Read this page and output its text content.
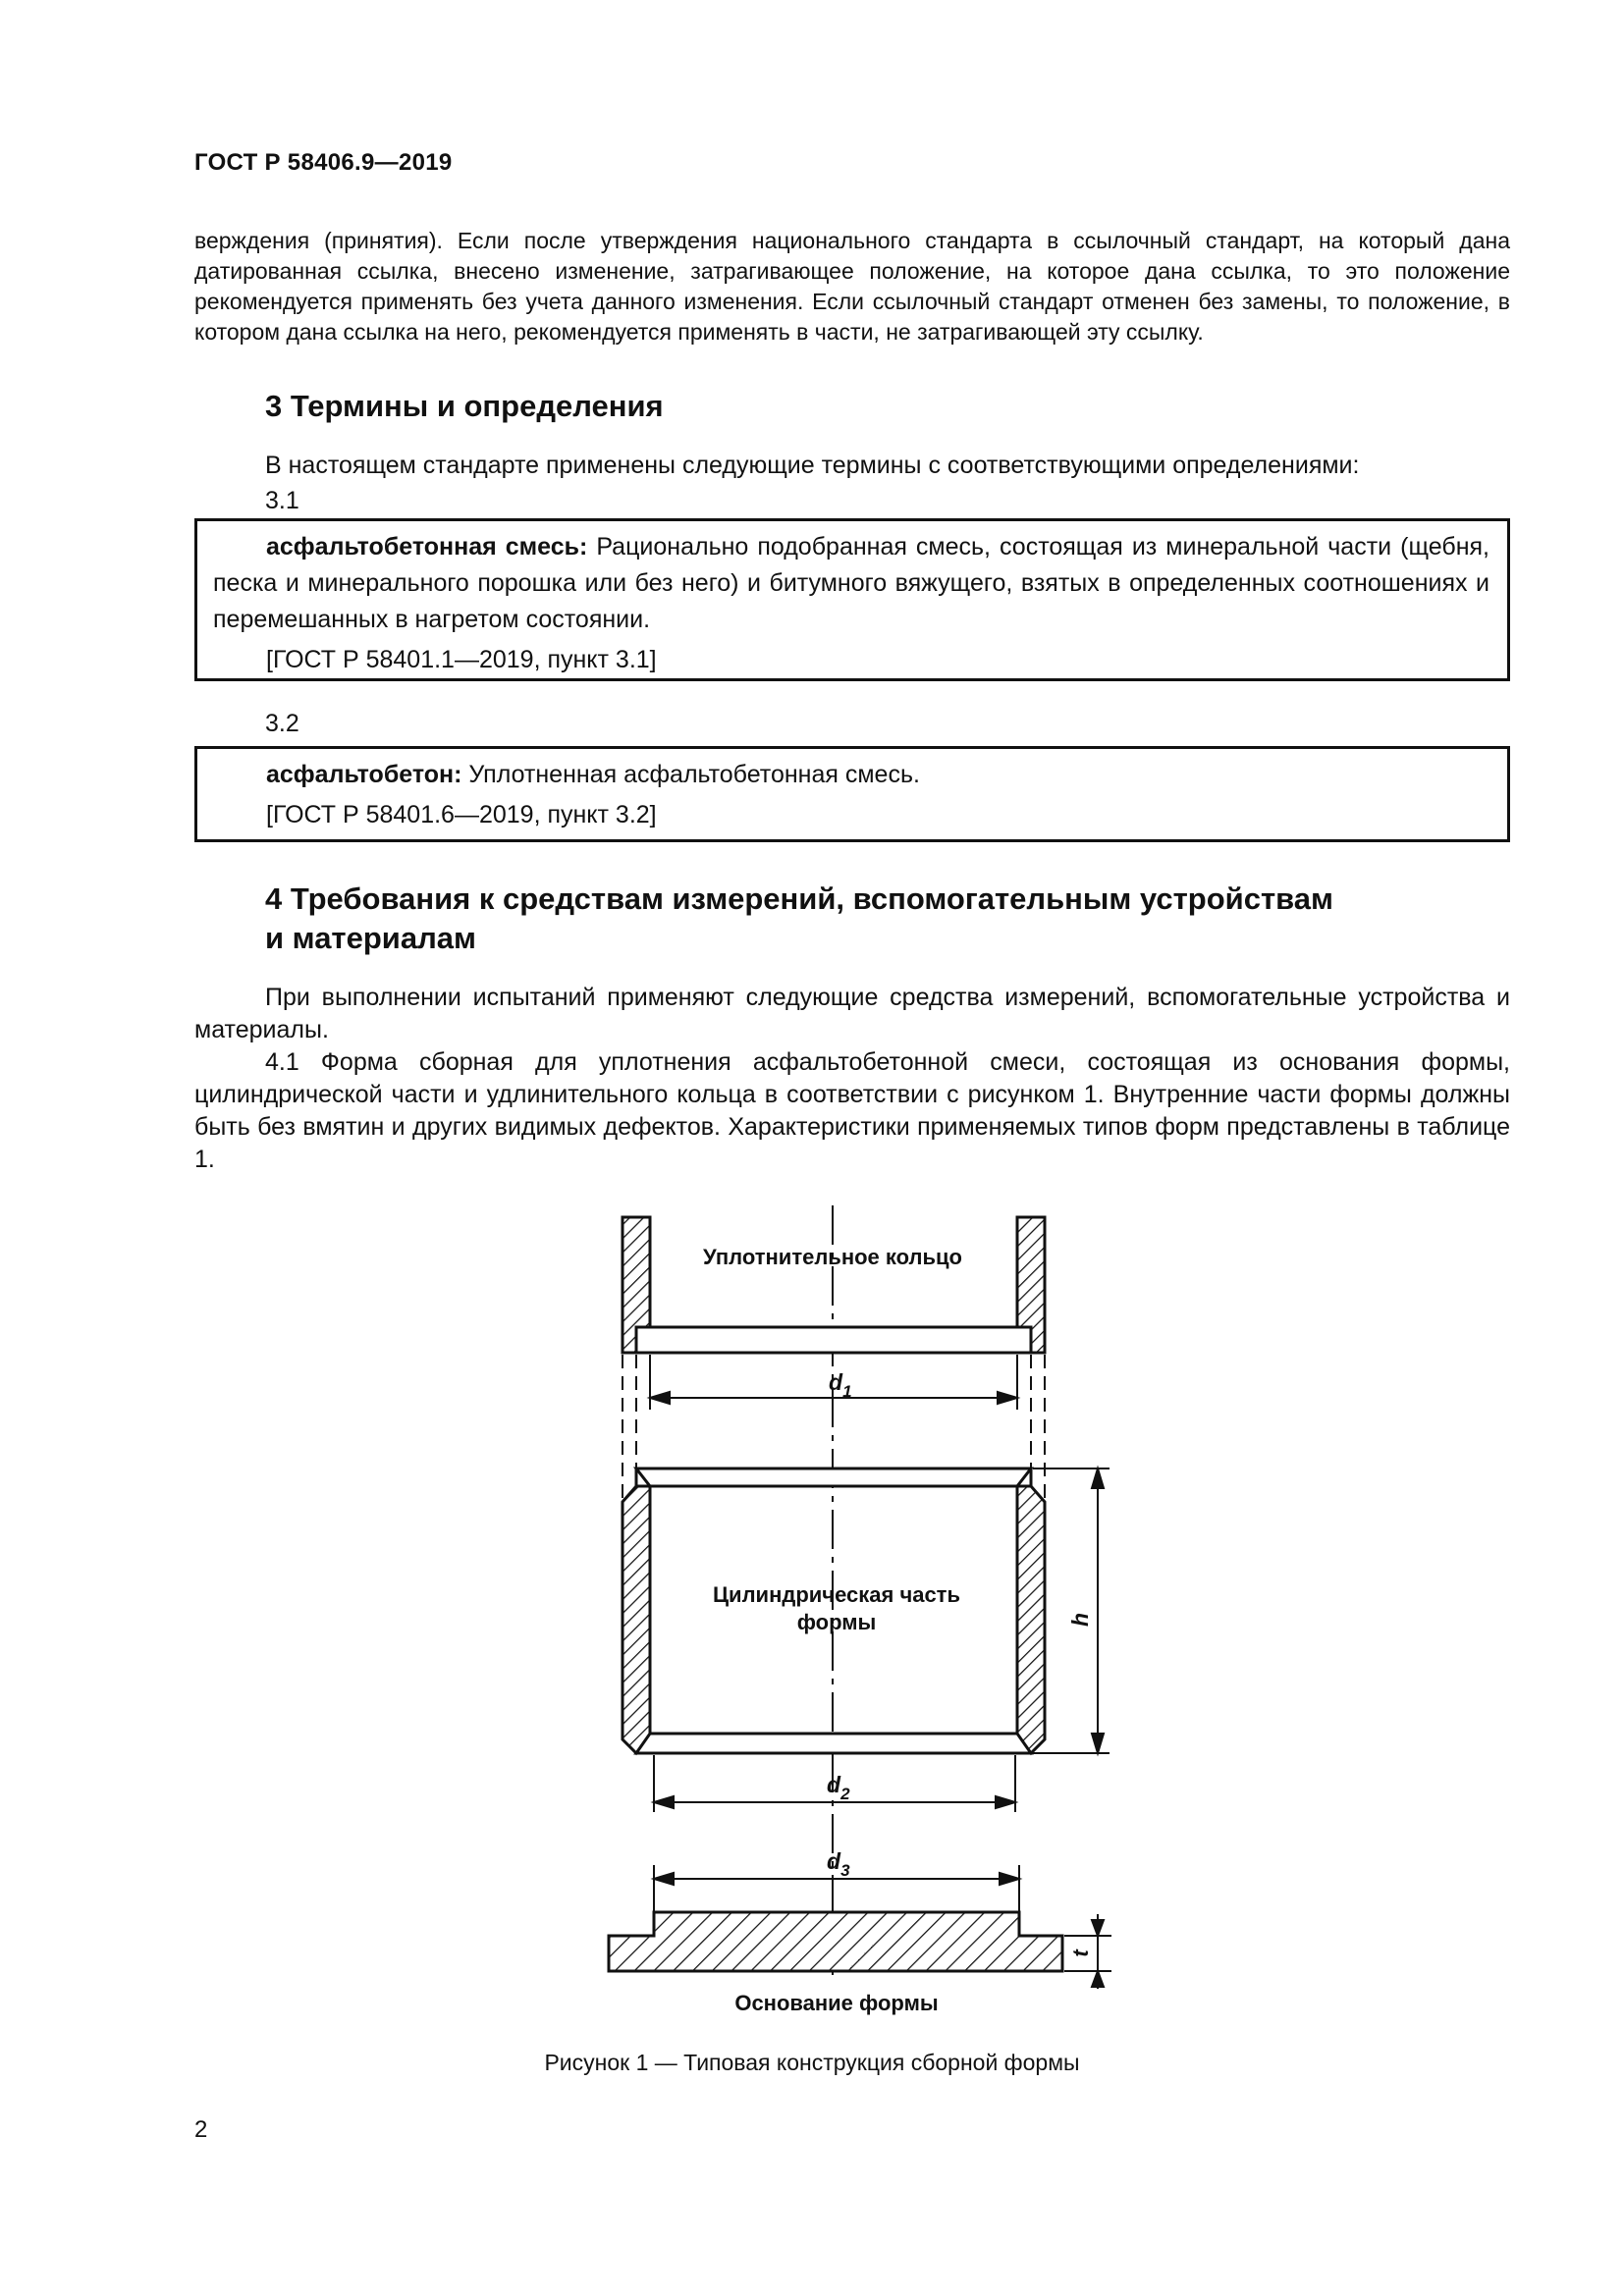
ГОСТ Р 58406.9—2019
верждения (принятия). Если после утверждения национального стандарта в ссылочный стандарт, на который дана датированная ссылка, внесено изменение, затрагивающее положение, на которое дана ссылка, то это положение рекомендуется применять без учета данного изменения. Если ссылочный стандарт отменен без замены, то положение, в котором дана ссылка на него, рекомендуется применять в части, не затрагивающей эту ссылку.
3 Термины и определения
В настоящем стандарте применены следующие термины с соответствующими определениями:
3.1

асфальтобетонная смесь: Рационально подобранная смесь, состоящая из минеральной части (щебня, песка и минерального порошка или без него) и битумного вяжущего, взятых в определенных соотношениях и перемешанных в нагретом состоянии.

[ГОСТ Р 58401.1—2019, пункт 3.1]

3.2

асфальтобетон: Уплотненная асфальтобетонная смесь.

[ГОСТ Р 58401.6—2019, пункт 3.2]

4 Требования к средствам измерений, вспомогательным устройствам
и материалам
При выполнении испытаний применяют следующие средства измерений, вспомогательные устройства и материалы.
4.1 Форма сборная для уплотнения асфальтобетонной смеси, состоящая из основания формы, цилиндрической части и удлинительного кольца в соответствии с рисунком 1. Внутренние части формы должны быть без вмятин и других видимых дефектов. Характеристики применяемых типов форм представлены в таблице 1.
Уплотнительное кольцо
$d_1$
Цилиндрическая часть
формы	h
$d_2$
$d_3$
t
Основание формы
Рисунок 1 — Типовая конструкция сборной формы
2
